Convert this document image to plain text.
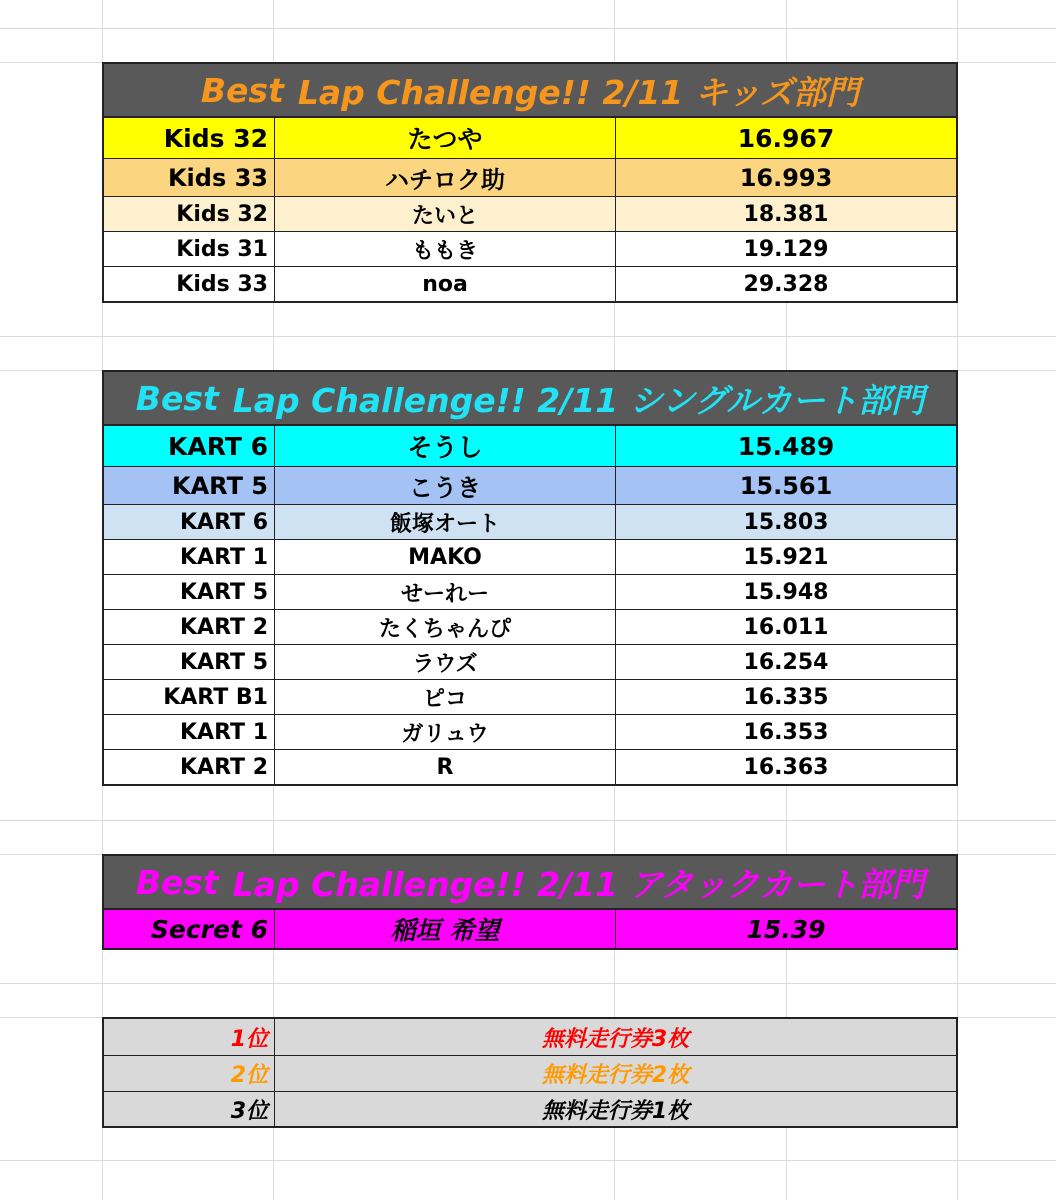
Best Lap Challenge!! 2/11 キッズ部門
Kids 32	たつや	16.967
Kids 33	ハチロク助	16.993
Kids 32	たいと	18.381
Kids 31	ももき	19.129
Kids 33	noa	29.328
Best Lap Challenge!! 2/11 シングルカート部門
KART 6	そうし	15.489
KART 5	こうき	15.561
KART 6	飯塚オート	15.803
KART 1	MAKO	15.921
KART 5	せーれー	15.948
KART 2	たくちゃんぴ	16.011
KART 5	ラウズ	16.254
KART B1	ピコ	16.335
KART 1	ガリュウ	16.353
KART 2	R	16.363
Best Lap Challenge!! 2/11 アタックカート部門
Secret 6	稲垣 希望	15.39
1位	無料走行券3枚
2位	無料走行券2枚
3位	無料走行券1枚
